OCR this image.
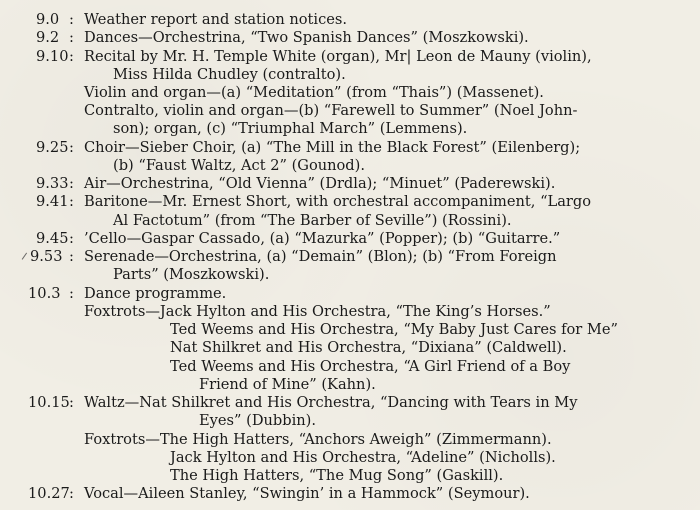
9.0 : Weather report and station notices.
9.2 : Dances—Orchestrina, “Two Spanish Dances” (Moszkowski).
9.10 : Recital by Mr. H. Temple White (organ), Mr| Leon de Mauny (violin),
Miss Hilda Chudley (contralto).
Violin and organ—(a) “Meditation” (from “Thais”) (Massenet).
Contralto, violin and organ—(b) “Farewell to Summer” (Noel John-
son); organ, (c) “Triumphal March” (Lemmens).
9.25 : Choir—Sieber Choir, (a) “The Mill in the Black Forest” (Eilenberg);
(b) “Faust Waltz, Act 2” (Gounod).
9.33 : Air—Orchestrina, “Old Vienna” (Drdla); “Minuet” (Paderewski).
9.41 : Baritone—Mr. Ernest Short, with orchestral accompaniment, “Largo
Al Factotum” (from “The Barber of Seville”) (Rossini).
9.45 : ’Cello—Gaspar Cassado, (a) “Mazurka” (Popper); (b) “Guitarre.”
9.53 : Serenade—Orchestrina, (a) “Demain” (Blon); (b) “From Foreign
Parts” (Moszkowski).
10.3 : Dance programme.
Foxtrots—Jack Hylton and His Orchestra, “The King’s Horses.”
Ted Weems and His Orchestra, “My Baby Just Cares for Me”
Nat Shilkret and His Orchestra, “Dixiana” (Caldwell).
Ted Weems and His Orchestra, “A Girl Friend of a Boy
Friend of Mine” (Kahn).
10.15 : Waltz—Nat Shilkret and His Orchestra, “Dancing with Tears in My
Eyes” (Dubbin).
Foxtrots—The High Hatters, “Anchors Aweigh” (Zimmermann).
Jack Hylton and His Orchestra, “Adeline” (Nicholls).
The High Hatters, “The Mug Song” (Gaskill).
10.27 : Vocal—Aileen Stanley, “Swingin’ in a Hammock” (Seymour).
